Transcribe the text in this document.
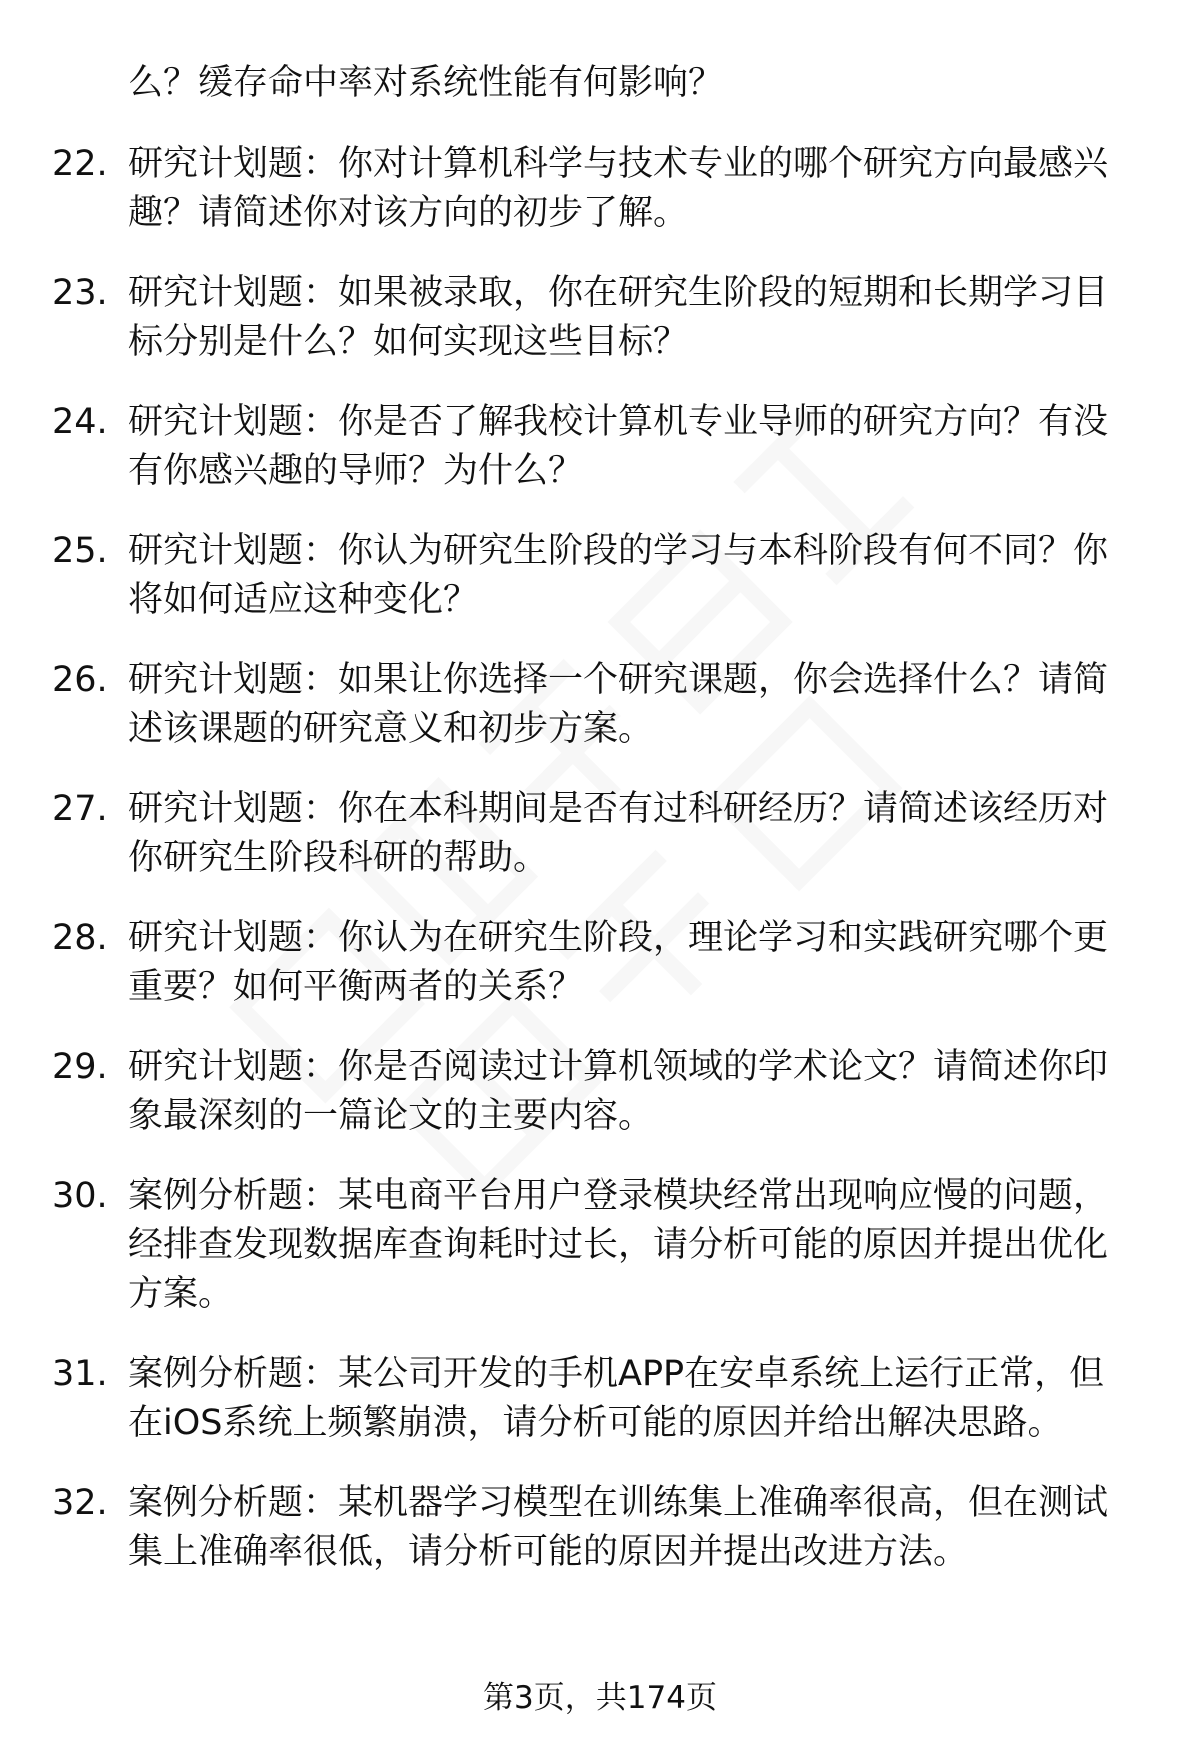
么？缓存命中率对系统性能有何影响？
22. 研究计划题：你对计算机科学与技术专业的哪个研究方向最感兴趣？请简述你对该方向的初步了解。
23. 研究计划题：如果被录取，你在研究生阶段的短期和长期学习目标分别是什么？如何实现这些目标？
24. 研究计划题：你是否了解我校计算机专业导师的研究方向？有没有你感兴趣的导师？为什么？
25. 研究计划题：你认为研究生阶段的学习与本科阶段有何不同？你将如何适应这种变化？
26. 研究计划题：如果让你选择一个研究课题，你会选择什么？请简述该课题的研究意义和初步方案。
27. 研究计划题：你在本科期间是否有过科研经历？请简述该经历对你研究生阶段科研的帮助。
28. 研究计划题：你认为在研究生阶段，理论学习和实践研究哪个更重要？如何平衡两者的关系？
29. 研究计划题：你是否阅读过计算机领域的学术论文？请简述你印象最深刻的一篇论文的主要内容。
30. 案例分析题：某电商平台用户登录模块经常出现响应慢的问题，经排查发现数据库查询耗时过长，请分析可能的原因并提出优化方案。
31. 案例分析题：某公司开发的手机APP在安卓系统上运行正常，但在iOS系统上频繁崩溃，请分析可能的原因并给出解决思路。
32. 案例分析题：某机器学习模型在训练集上准确率很高，但在测试集上准确率很低，请分析可能的原因并提出改进方法。
第3页，共174页
